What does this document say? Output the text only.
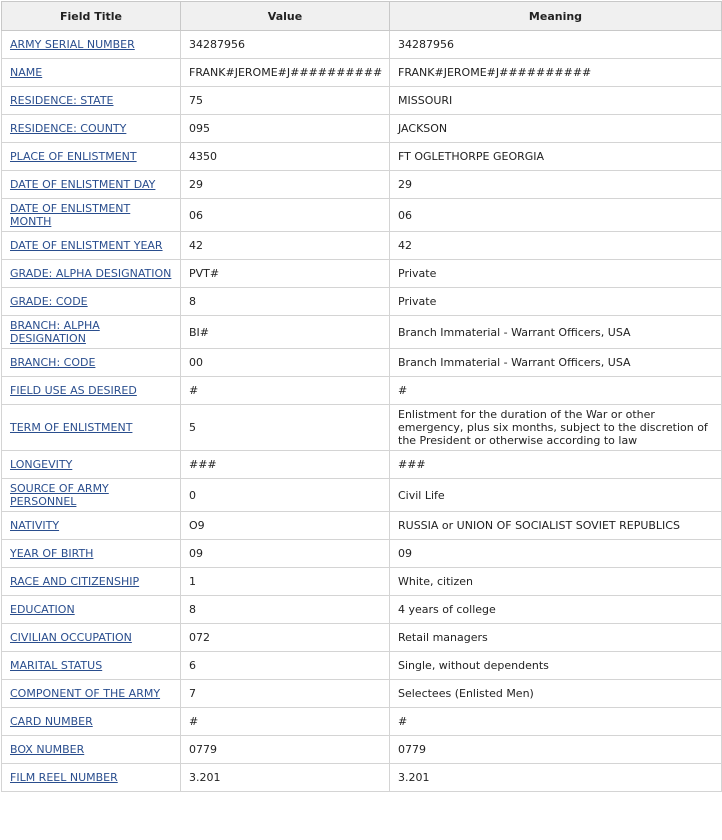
Field Title	Value	Meaning
ARMY SERIAL NUMBER	34287956	34287956
NAME	FRANK#JEROME#J##########	FRANK#JEROME#J##########
RESIDENCE: STATE	75	MISSOURI
RESIDENCE: COUNTY	095	JACKSON
PLACE OF ENLISTMENT	4350	FT OGLETHORPE GEORGIA
DATE OF ENLISTMENT DAY	29	29
DATE OF ENLISTMENT MONTH	06	06
DATE OF ENLISTMENT YEAR	42	42
GRADE: ALPHA DESIGNATION	PVT#	Private
GRADE: CODE	8	Private
BRANCH: ALPHA DESIGNATION	BI#	Branch Immaterial - Warrant Officers, USA
BRANCH: CODE	00	Branch Immaterial - Warrant Officers, USA
FIELD USE AS DESIRED	#	#
TERM OF ENLISTMENT	5	Enlistment for the duration of the War or other emergency, plus six months, subject to the discretion of the President or otherwise according to law
LONGEVITY	###	###
SOURCE OF ARMY PERSONNEL	0	Civil Life
NATIVITY	O9	RUSSIA or UNION OF SOCIALIST SOVIET REPUBLICS
YEAR OF BIRTH	09	09
RACE AND CITIZENSHIP	1	White, citizen
EDUCATION	8	4 years of college
CIVILIAN OCCUPATION	072	Retail managers
MARITAL STATUS	6	Single, without dependents
COMPONENT OF THE ARMY	7	Selectees (Enlisted Men)
CARD NUMBER	#	#
BOX NUMBER	0779	0779
FILM REEL NUMBER	3.201	3.201
